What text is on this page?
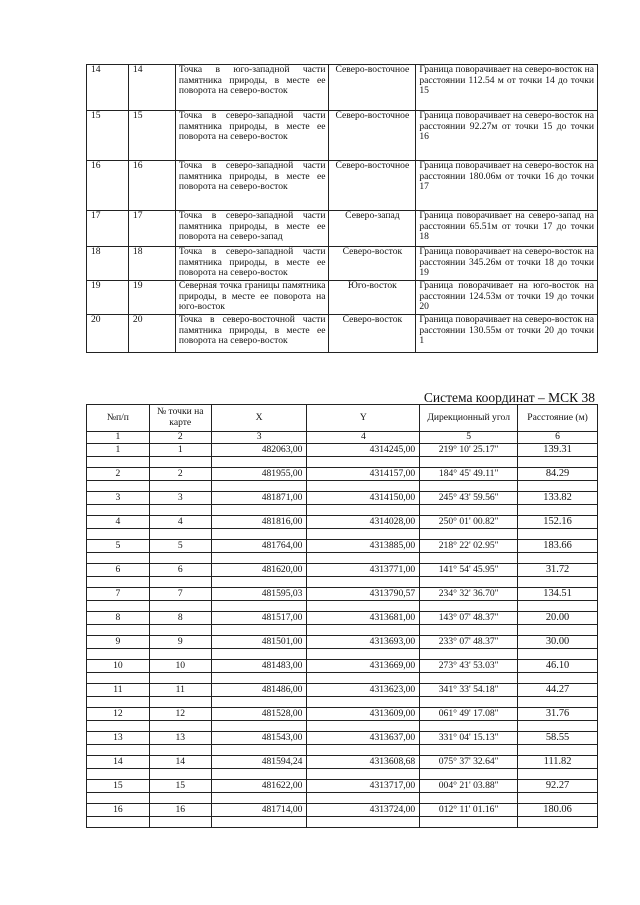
14	14	Точка в юго-западной части памятника природы, в месте ее поворота на северо-восток	Северо-восточное	Граница поворачивает на северо-восток на расстоянии 112.54 м от точки 14 до точки 15
15	15	Точка в северо-западной части памятника природы, в месте ее поворота на северо-восток	Северо-восточное	Граница поворачивает на северо-восток на расстоянии 92.27м от точки 15 до точки 16
16	16	Точка в северо-западной части памятника природы, в месте ее поворота на северо-восток	Северо-восточное	Граница поворачивает на северо-восток на расстоянии 180.06м от точки 16 до точки 17
17	17	Точка в северо-западной части памятника природы, в месте ее поворота на северо-запад	Северо-запад	Граница поворачивает на северо-запад на расстоянии 65.51м от точки 17 до точки 18
18	18	Точка в северо-западной части памятника природы, в месте ее поворота на северо-восток	Северо-восток	Граница поворачивает на северо-восток на расстоянии 345.26м от точки 18 до точки 19
19	19	Северная точка границы памятника природы, в месте ее поворота на юго-восток	Юго-восток	Граница поворачивает на юго-восток на расстоянии 124.53м от точки 19 до точки 20
20	20	Точка в северо-восточной части памятника природы, в месте ее поворота на северо-восток	Северо-восток	Граница поворачивает на северо-восток на расстоянии 130.55м от точки 20 до точки 1
Система координат – МСК 38
№п/п	№ точки на карте	X	Y	Дирекционный угол	Расстояние (м)
1	2	3	4	5	6
1	1	482063,00	4314245,00	219° 10' 25.17"	139.31

2	2	481955,00	4314157,00	184° 45' 49.11"	84.29

3	3	481871,00	4314150,00	245° 43' 59.56"	133.82

4	4	481816,00	4314028,00	250° 01' 00.82"	152.16

5	5	481764,00	4313885,00	218° 22' 02.95"	183.66

6	6	481620,00	4313771,00	141° 54' 45.95"	31.72

7	7	481595,03	4313790,57	234° 32' 36.70"	134.51

8	8	481517,00	4313681,00	143° 07' 48.37"	20.00

9	9	481501,00	4313693,00	233° 07' 48.37"	30.00

10	10	481483,00	4313669,00	273° 43' 53.03"	46.10

11	11	481486,00	4313623,00	341° 33' 54.18"	44.27

12	12	481528,00	4313609,00	061° 49' 17.08"	31.76

13	13	481543,00	4313637,00	331° 04' 15.13"	58.55

14	14	481594,24	4313608,68	075° 37' 32.64"	111.82

15	15	481622,00	4313717,00	004° 21' 03.88"	92.27

16	16	481714,00	4313724,00	012° 11' 01.16"	180.06
